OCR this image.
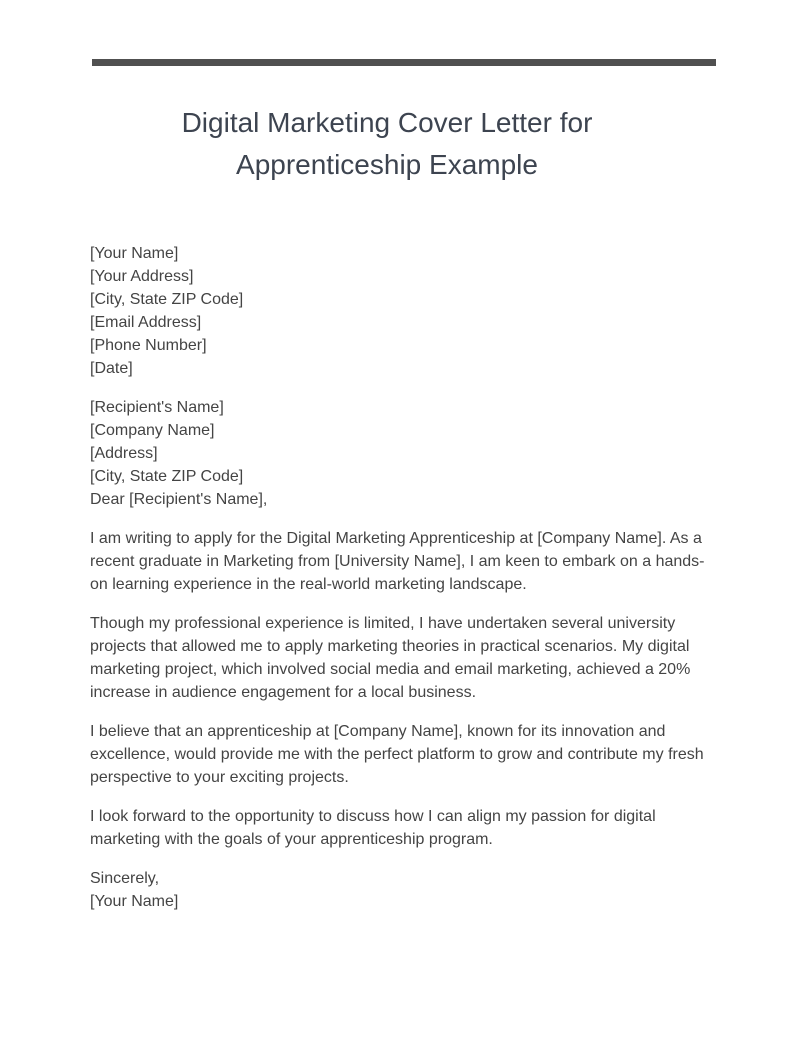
Digital Marketing Cover Letter for
Apprenticeship Example
[Your Name]
[Your Address]
[City, State ZIP Code]
[Email Address]
[Phone Number]
[Date]
[Recipient's Name]
[Company Name]
[Address]
[City, State ZIP Code]

Dear [Recipient's Name],

I am writing to apply for the Digital Marketing Apprenticeship at [Company Name]. As a recent graduate in Marketing from [University Name], I am keen to embark on a hands-on learning experience in the real-world marketing landscape.

Though my professional experience is limited, I have undertaken several university projects that allowed me to apply marketing theories in practical scenarios. My digital marketing project, which involved social media and email marketing, achieved a 20% increase in audience engagement for a local business.

I believe that an apprenticeship at [Company Name], known for its innovation and excellence, would provide me with the perfect platform to grow and contribute my fresh perspective to your exciting projects.

I look forward to the opportunity to discuss how I can align my passion for digital marketing with the goals of your apprenticeship program.

Sincerely,
[Your Name]
